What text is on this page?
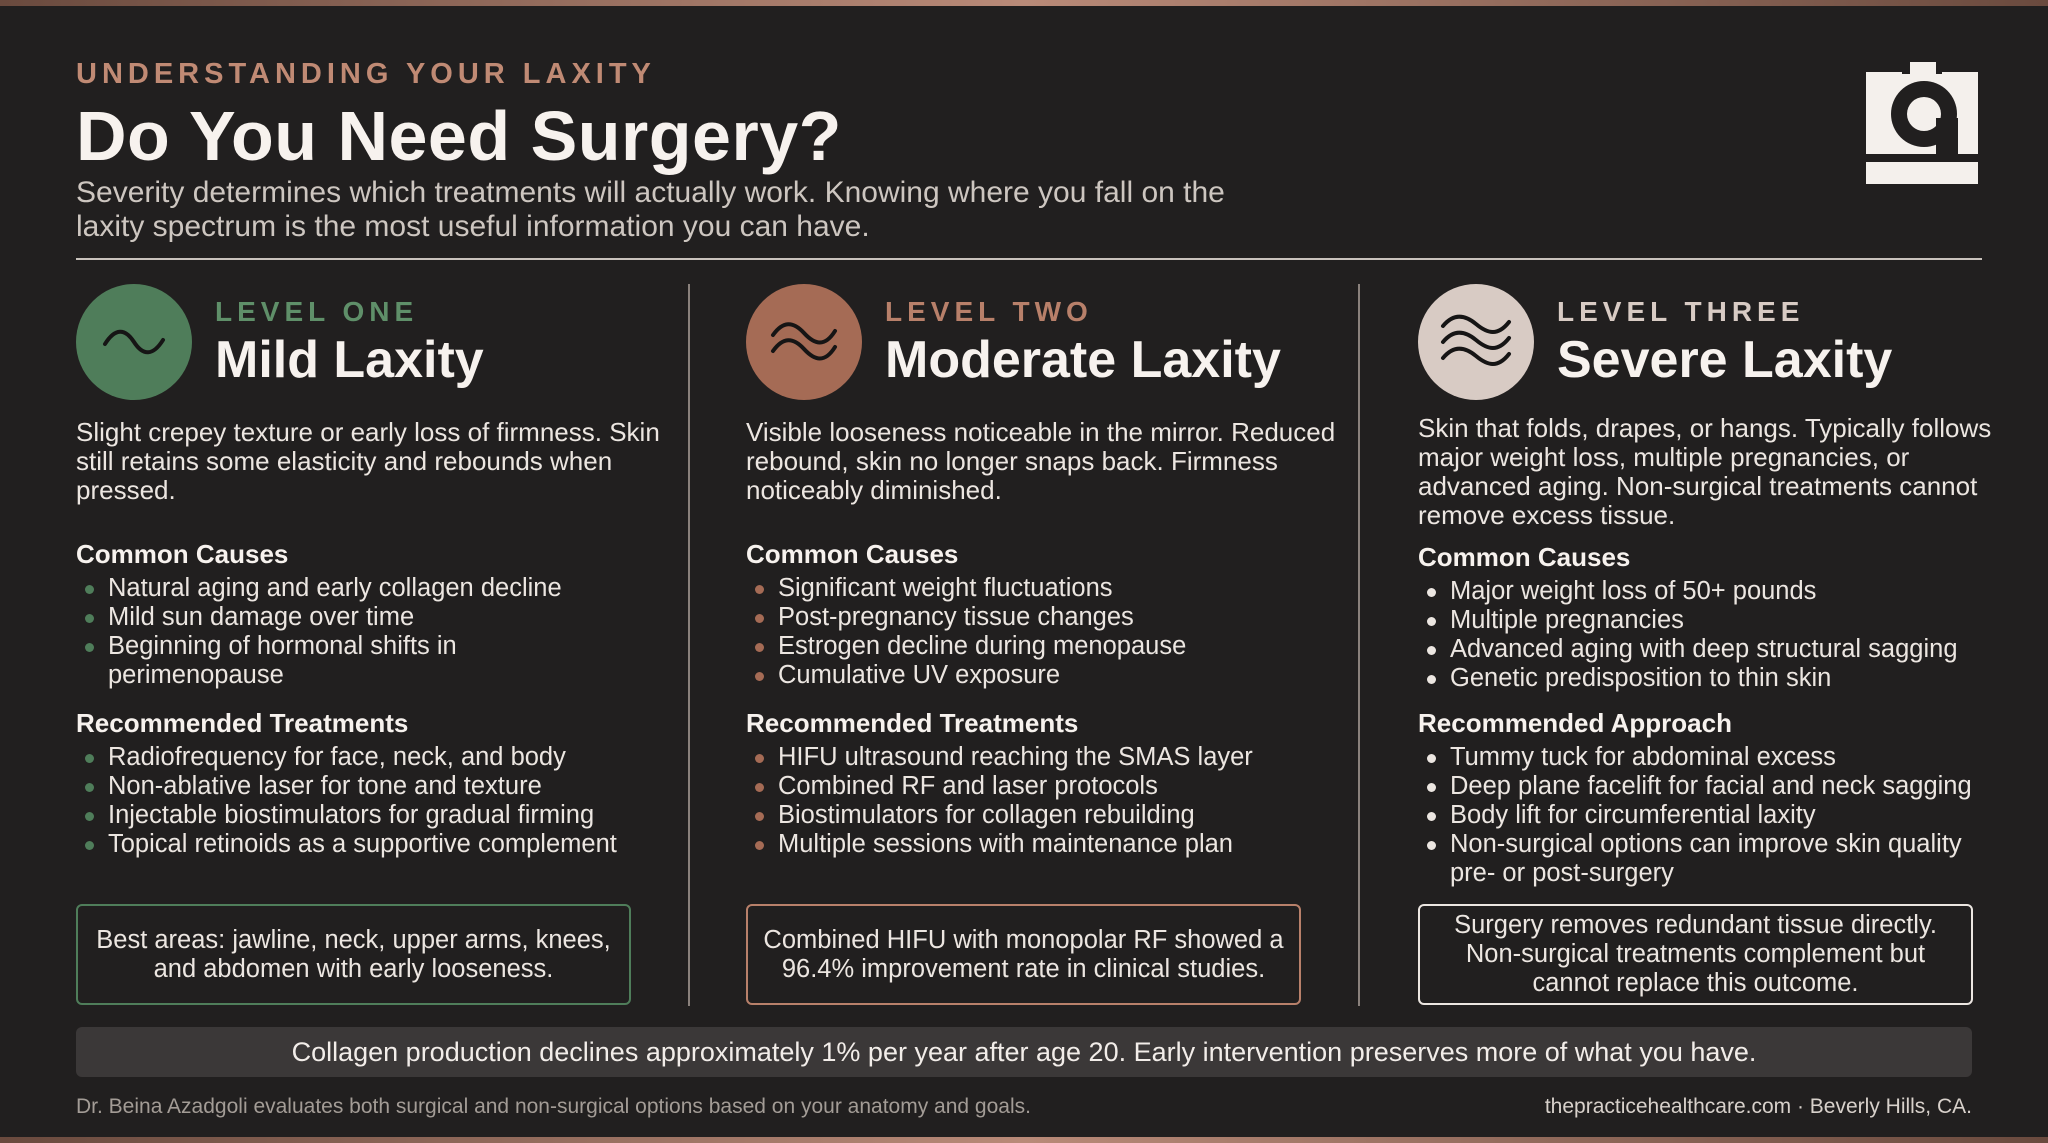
UNDERSTANDING YOUR LAXITY
Do You Need Surgery?
Severity determines which treatments will actually work. Knowing where you fall on the laxity spectrum is the most useful information you can have.
LEVEL ONE
Mild Laxity
Slight crepey texture or early loss of firmness. Skin still retains some elasticity and rebounds when pressed.
Common Causes
Natural aging and early collagen decline
Mild sun damage over time
Beginning of hormonal shifts in
perimenopause
Recommended Treatments
Radiofrequency for face, neck, and body
Non-ablative laser for tone and texture
Injectable biostimulators for gradual firming
Topical retinoids as a supportive complement
Best areas: jawline, neck, upper arms, knees, and abdomen with early looseness.
LEVEL TWO
Moderate Laxity
Visible looseness noticeable in the mirror. Reduced rebound, skin no longer snaps back. Firmness noticeably diminished.
Common Causes
Significant weight fluctuations
Post-pregnancy tissue changes
Estrogen decline during menopause
Cumulative UV exposure
Recommended Treatments
HIFU ultrasound reaching the SMAS layer
Combined RF and laser protocols
Biostimulators for collagen rebuilding
Multiple sessions with maintenance plan
Combined HIFU with monopolar RF showed a 96.4% improvement rate in clinical studies.
LEVEL THREE
Severe Laxity
Skin that folds, drapes, or hangs. Typically follows major weight loss, multiple pregnancies, or advanced aging. Non-surgical treatments cannot remove excess tissue.
Common Causes
Major weight loss of 50+ pounds
Multiple pregnancies
Advanced aging with deep structural sagging
Genetic predisposition to thin skin
Recommended Approach
Tummy tuck for abdominal excess
Deep plane facelift for facial and neck sagging
Body lift for circumferential laxity
Non-surgical options can improve skin quality
pre- or post-surgery
Surgery removes redundant tissue directly. Non-surgical treatments complement but cannot replace this outcome.
Collagen production declines approximately 1% per year after age 20. Early intervention preserves more of what you have.
Dr. Beina Azadgoli evaluates both surgical and non-surgical options based on your anatomy and goals.	thepracticehealthcare.com · Beverly Hills, CA.
